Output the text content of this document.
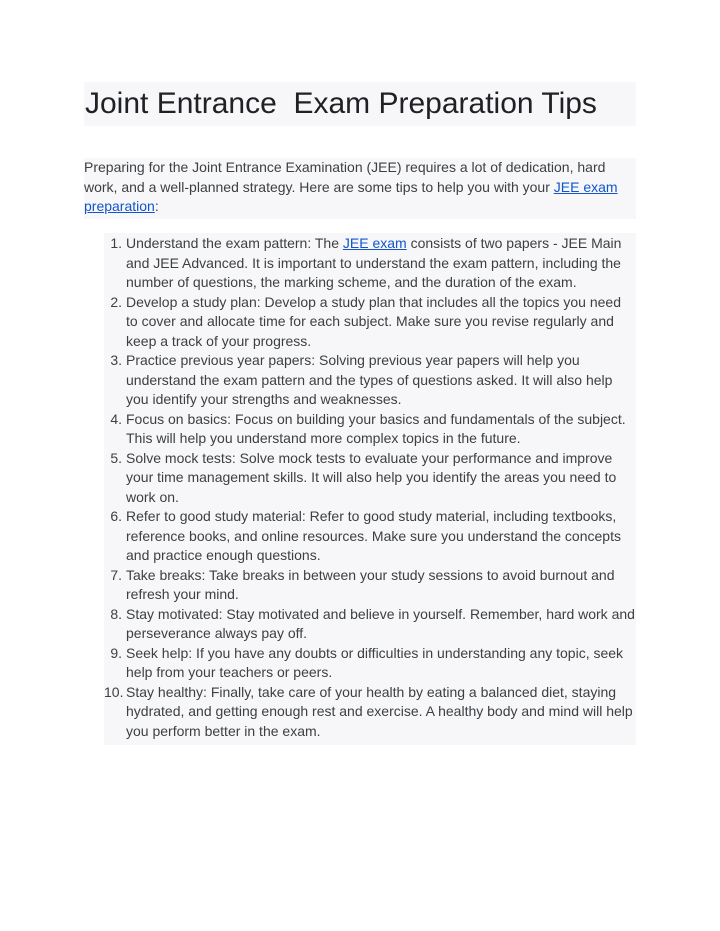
Joint Entrance  Exam Preparation Tips

Preparing for the Joint Entrance Examination (JEE) requires a lot of dedication, hard work, and a well-planned strategy. Here are some tips to help you with your JEE exam preparation:

1. Understand the exam pattern: The JEE exam consists of two papers - JEE Main and JEE Advanced. It is important to understand the exam pattern, including the number of questions, the marking scheme, and the duration of the exam.
2. Develop a study plan: Develop a study plan that includes all the topics you need to cover and allocate time for each subject. Make sure you revise regularly and keep a track of your progress.
3. Practice previous year papers: Solving previous year papers will help you understand the exam pattern and the types of questions asked. It will also help you identify your strengths and weaknesses.
4. Focus on basics: Focus on building your basics and fundamentals of the subject. This will help you understand more complex topics in the future.
5. Solve mock tests: Solve mock tests to evaluate your performance and improve your time management skills. It will also help you identify the areas you need to work on.
6. Refer to good study material: Refer to good study material, including textbooks, reference books, and online resources. Make sure you understand the concepts and practice enough questions.
7. Take breaks: Take breaks in between your study sessions to avoid burnout and refresh your mind.
8. Stay motivated: Stay motivated and believe in yourself. Remember, hard work and perseverance always pay off.
9. Seek help: If you have any doubts or difficulties in understanding any topic, seek help from your teachers or peers.
10. Stay healthy: Finally, take care of your health by eating a balanced diet, staying hydrated, and getting enough rest and exercise. A healthy body and mind will help you perform better in the exam.
